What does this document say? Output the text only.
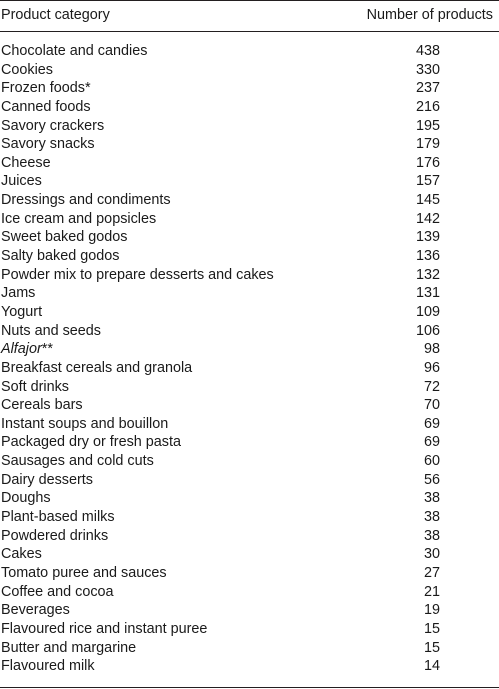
Product category	Number of products
Chocolate and candies	438
Cookies	330
Frozen foods*	237
Canned foods	216
Savory crackers	195
Savory snacks	179
Cheese	176
Juices	157
Dressings and condiments	145
Ice cream and popsicles	142
Sweet baked godos	139
Salty baked godos	136
Powder mix to prepare desserts and cakes	132
Jams	131
Yogurt	109
Nuts and seeds	106
Alfajor**	98
Breakfast cereals and granola	96
Soft drinks	72
Cereals bars	70
Instant soups and bouillon	69
Packaged dry or fresh pasta	69
Sausages and cold cuts	60
Dairy desserts	56
Doughs	38
Plant-based milks	38
Powdered drinks	38
Cakes	30
Tomato puree and sauces	27
Coffee and cocoa	21
Beverages	19
Flavoured rice and instant puree	15
Butter and margarine	15
Flavoured milk	14
